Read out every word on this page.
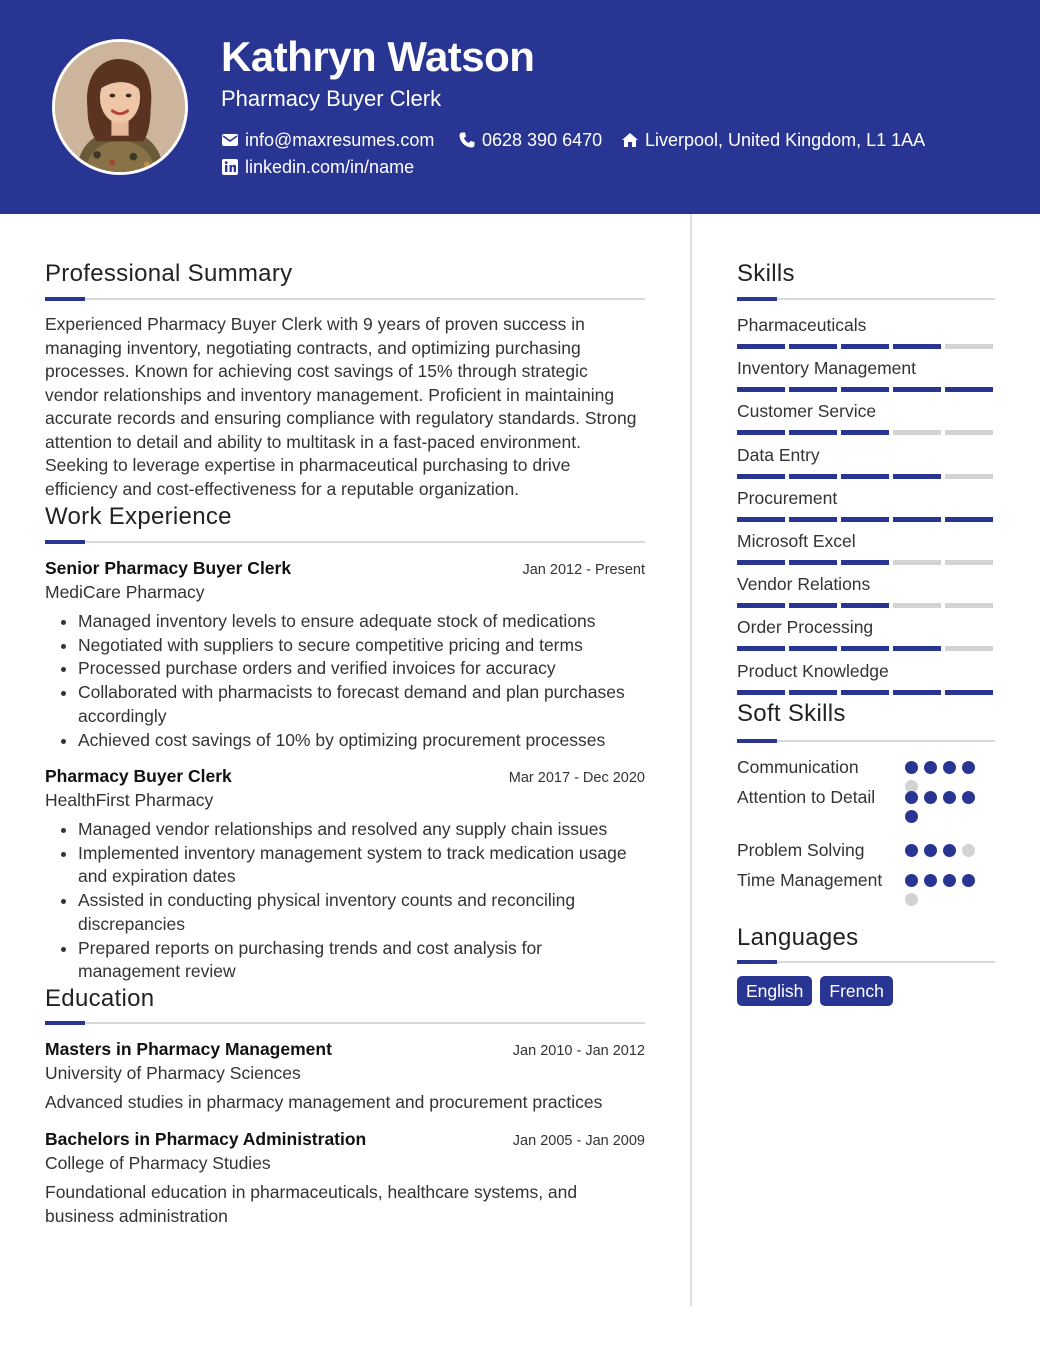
Kathryn Watson
Pharmacy Buyer Clerk
info@maxresumes.com	0628 390 6470 Liverpool, United Kingdom, L1 1AA
linkedin.com/in/name
Professional Summary
Experienced Pharmacy Buyer Clerk with 9 years of proven success in managing inventory, negotiating contracts, and optimizing purchasing processes. Known for achieving cost savings of 15% through strategic vendor relationships and inventory management. Proficient in maintaining accurate records and ensuring compliance with regulatory standards. Strong attention to detail and ability to multitask in a fast-paced environment. Seeking to leverage expertise in pharmaceutical purchasing to drive efficiency and cost-effectiveness for a reputable organization.
Work Experience
Senior Pharmacy Buyer Clerk	Jan 2012 - Present
MediCare Pharmacy
• Managed inventory levels to ensure adequate stock of medications
• Negotiated with suppliers to secure competitive pricing and terms
• Processed purchase orders and verified invoices for accuracy
• Collaborated with pharmacists to forecast demand and plan purchases accordingly
• Achieved cost savings of 10% by optimizing procurement processes
Pharmacy Buyer Clerk	Mar 2017 - Dec 2020
HealthFirst Pharmacy
• Managed vendor relationships and resolved any supply chain issues
• Implemented inventory management system to track medication usage and expiration dates
• Assisted in conducting physical inventory counts and reconciling discrepancies
• Prepared reports on purchasing trends and cost analysis for management review
Education
Masters in Pharmacy Management	Jan 2010 - Jan 2012
University of Pharmacy Sciences
Advanced studies in pharmacy management and procurement practices
Bachelors in Pharmacy Administration	Jan 2005 - Jan 2009
College of Pharmacy Studies
Foundational education in pharmaceuticals, healthcare systems, and business administration
Skills
Pharmaceuticals
Inventory Management
Customer Service
Data Entry
Procurement
Microsoft Excel
Vendor Relations
Order Processing
Product Knowledge
Soft Skills
Communication
Attention to Detail
Problem Solving
Time Management
Languages
English	French
